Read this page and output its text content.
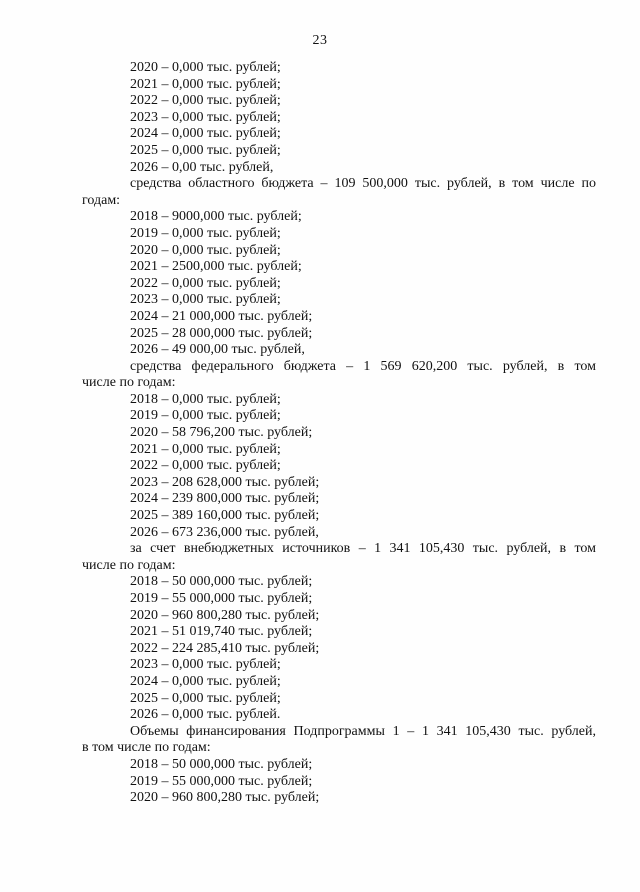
23
2020 – 0,000 тыс. рублей;
2021 – 0,000 тыс. рублей;
2022 – 0,000 тыс. рублей;
2023 – 0,000 тыс. рублей;
2024 – 0,000 тыс. рублей;
2025 – 0,000 тыс. рублей;
2026 – 0,00 тыс. рублей,
средства областного бюджета – 109 500,000 тыс. рублей, в том числе по
годам:
2018 – 9000,000 тыс. рублей;
2019 – 0,000 тыс. рублей;
2020 – 0,000 тыс. рублей;
2021 – 2500,000 тыс. рублей;
2022 – 0,000 тыс. рублей;
2023 – 0,000 тыс. рублей;
2024 – 21 000,000 тыс. рублей;
2025 – 28 000,000 тыс. рублей;
2026 – 49 000,00 тыс. рублей,
средства федерального бюджета – 1 569 620,200 тыс. рублей, в том
числе по годам:
2018 – 0,000 тыс. рублей;
2019 – 0,000 тыс. рублей;
2020 – 58 796,200 тыс. рублей;
2021 – 0,000 тыс. рублей;
2022 – 0,000 тыс. рублей;
2023 – 208 628,000 тыс. рублей;
2024 – 239 800,000 тыс. рублей;
2025 – 389 160,000 тыс. рублей;
2026 – 673 236,000 тыс. рублей,
за счет внебюджетных источников – 1 341 105,430 тыс. рублей, в том
числе по годам:
2018 – 50 000,000 тыс. рублей;
2019 – 55 000,000 тыс. рублей;
2020 – 960 800,280 тыс. рублей;
2021 – 51 019,740 тыс. рублей;
2022 – 224 285,410 тыс. рублей;
2023 – 0,000 тыс. рублей;
2024 – 0,000 тыс. рублей;
2025 – 0,000 тыс. рублей;
2026 – 0,000 тыс. рублей.
Объемы финансирования Подпрограммы 1 – 1 341 105,430 тыс. рублей,
в том числе по годам:
2018 – 50 000,000 тыс. рублей;
2019 – 55 000,000 тыс. рублей;
2020 – 960 800,280 тыс. рублей;
